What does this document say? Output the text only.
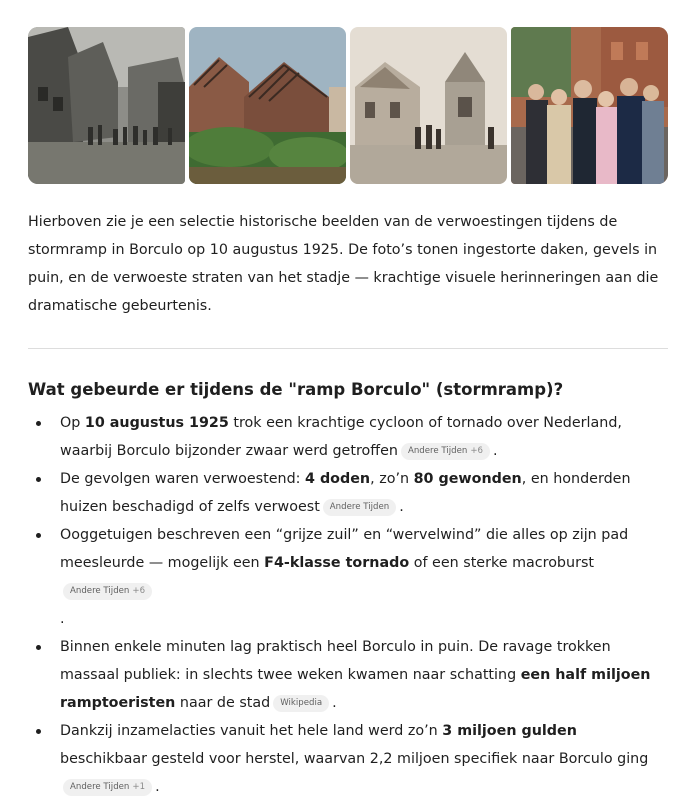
Hierboven zie je een selectie historische beelden van de verwoestingen tijdens de stormramp in Borculo op 10 augustus 1925. De foto’s tonen ingestorte daken, gevels in puin, en de verwoeste straten van het stadje — krachtige visuele herinneringen aan die dramatische gebeurtenis.

Wat gebeurde er tijdens de "ramp Borculo" (stormramp)?
Op 10 augustus 1925 trok een krachtige cycloon of tornado over Nederland, waarbij Borculo bijzonder zwaar werd getroffen Andere Tijden +6 .
De gevolgen waren verwoestend: 4 doden, zo’n 80 gewonden, en honderden huizen beschadigd of zelfs verwoest Andere Tijden .
Ooggetuigen beschreven een “grijze zuil” en “wervelwind” die alles op zijn pad meesleurde — mogelijk een F4‑klasse tornado of een sterke macroburstAndere Tijden +6
.
Binnen enkele minuten lag praktisch heel Borculo in puin. De ravage trokken massaal publiek: in slechts twee weken kwamen naar schatting een half miljoen ramptoeristen naar de stad Wikipedia .
Dankzij inzamelacties vanuit het hele land werd zo’n 3 miljoen gulden beschikbaar gesteld voor herstel, waarvan 2,2 miljoen specifiek naar Borculo gingAndere Tijden +1 .
